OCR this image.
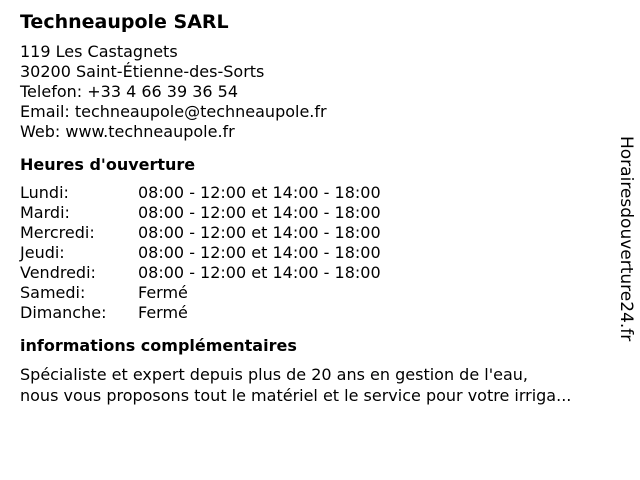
Techneaupole SARL
119 Les Castagnets
30200 Saint-Étienne-des-Sorts
Telefon: +33 4 66 39 36 54
Email: techneaupole@techneaupole.fr
Web: www.techneaupole.fr
Heures d'ouverture
Lundi:	08:00 - 12:00 et 14:00 - 18:00
Mardi:	08:00 - 12:00 et 14:00 - 18:00
Mercredi:	08:00 - 12:00 et 14:00 - 18:00
Jeudi:	08:00 - 12:00 et 14:00 - 18:00
Vendredi:	08:00 - 12:00 et 14:00 - 18:00
Samedi:	Fermé
Dimanche:	Fermé
informations complémentaires
Spécialiste et expert depuis plus de 20 ans en gestion de l'eau,
nous vous proposons tout le matériel et le service pour votre irriga...
Horairesdouverture24.fr
